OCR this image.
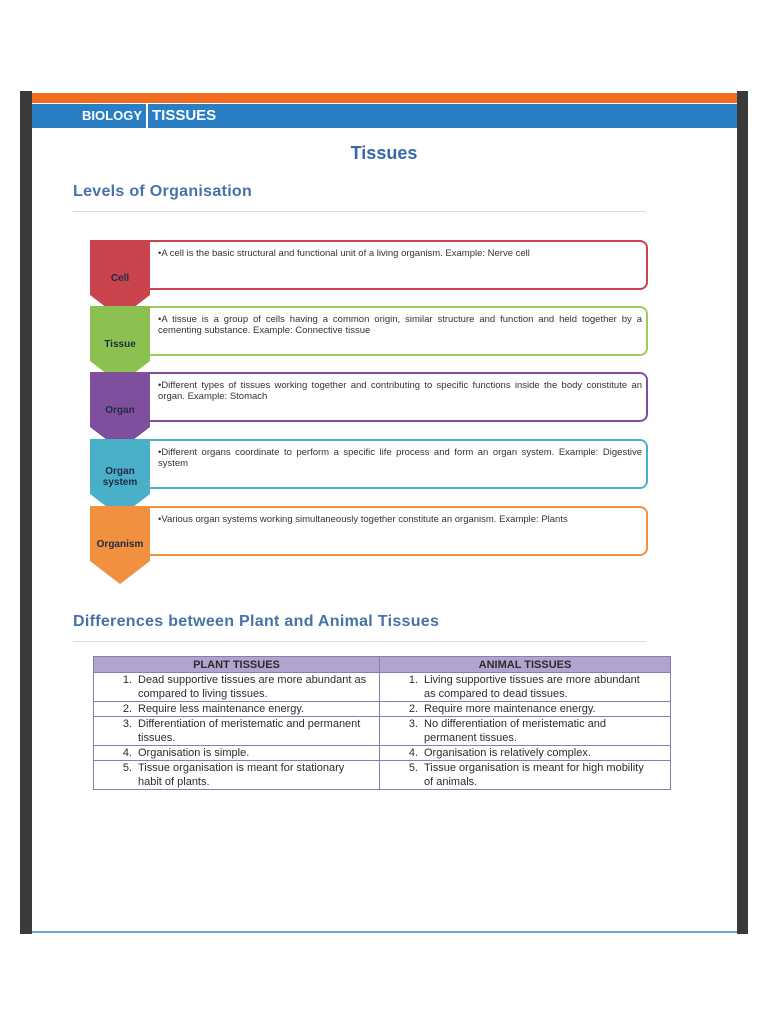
BIOLOGY TISSUES
Tissues
Levels of Organisation
•A cell is the basic structural and functional unit of a living organism. Example: Nerve cell
Cell
•A tissue is a group of cells having a common origin, similar structure and function and held together by a cementing substance. Example: Connective tissue
Tissue
•Different types of tissues working together and contributing to specific functions inside the body constitute an organ. Example: Stomach
Organ
•Different organs coordinate to perform a specific life process and form an organ system. Example: Digestive system
Organ system
•Various organ systems working simultaneously together constitute an organism. Example: Plants
Organism
Differences between Plant and Animal Tissues
PLANT TISSUES	ANIMAL TISSUES
1. Dead supportive tissues are more abundant as compared to living tissues.	1. Living supportive tissues are more abundant as compared to dead tissues.
2. Require less maintenance energy.	2. Require more maintenance energy.
3. Differentiation of meristematic and permanent tissues.	3. No differentiation of meristematic and permanent tissues.
4. Organisation is simple.	4. Organisation is relatively complex.
5. Tissue organisation is meant for stationary habit of plants.	5. Tissue organisation is meant for high mobility of animals.
